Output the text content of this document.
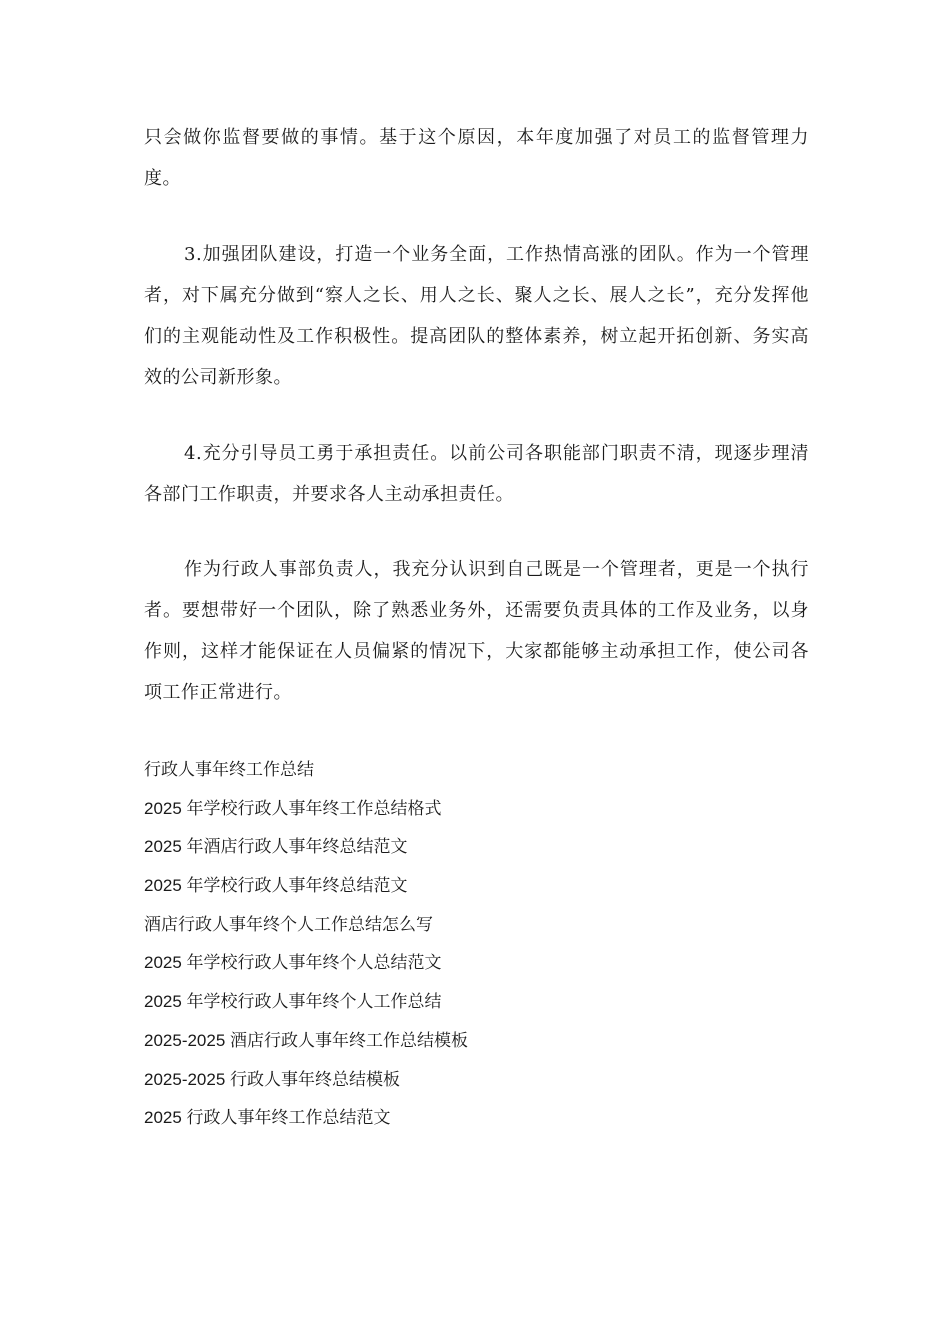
只会做你监督要做的事情。基于这个原因，本年度加强了对员工的监督管理力度。

3.加强团队建设，打造一个业务全面，工作热情高涨的团队。作为一个管理者，对下属充分做到“察人之长、用人之长、聚人之长、展人之长”，充分发挥他们的主观能动性及工作积极性。提高团队的整体素养，树立起开拓创新、务实高效的公司新形象。

4.充分引导员工勇于承担责任。以前公司各职能部门职责不清，现逐步理清各部门工作职责，并要求各人主动承担责任。

作为行政人事部负责人，我充分认识到自己既是一个管理者，更是一个执行者。要想带好一个团队，除了熟悉业务外，还需要负责具体的工作及业务，以身作则，这样才能保证在人员偏紧的情况下，大家都能够主动承担工作，使公司各项工作正常进行。

行政人事年终工作总结
2025 年学校行政人事年终工作总结格式
2025 年酒店行政人事年终总结范文
2025 年学校行政人事年终总结范文
酒店行政人事年终个人工作总结怎么写
2025 年学校行政人事年终个人总结范文
2025 年学校行政人事年终个人工作总结
2025-2025 酒店行政人事年终工作总结模板
2025-2025 行政人事年终总结模板
2025 行政人事年终工作总结范文
